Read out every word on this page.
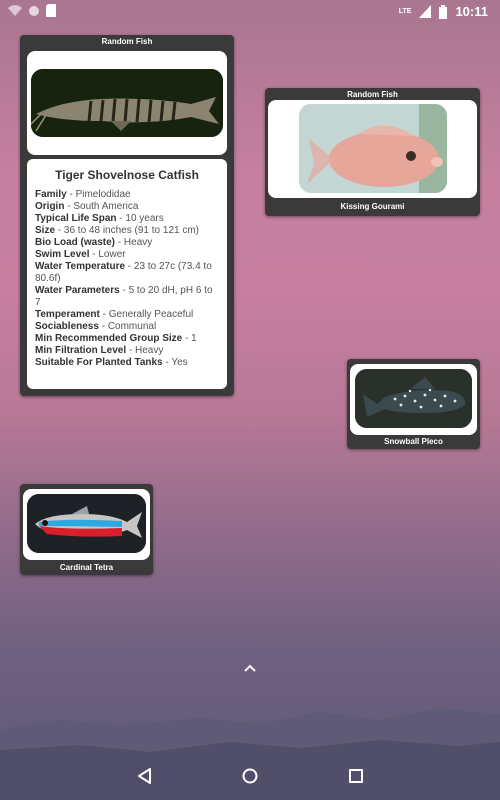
LTE	10:11
Random Fish
Tiger Shovelnose Catfish
Family - Pimelodidae
Origin - South America
Typical Life Span - 10 years
Size - 36 to 48 inches (91 to 121 cm)
Bio Load (waste) - Heavy
Swim Level - Lower
Water Temperature - 23 to 27c (73.4 to 80.6f)
Water Parameters - 5 to 20 dH, pH 6 to 7
Temperament - Generally Peaceful
Sociableness - Communal
Min Recommended Group Size - 1
Min Filtration Level - Heavy
Suitable For Planted Tanks - Yes
Random Fish
Kissing Gourami
Snowball Pleco
Cardinal Tetra
